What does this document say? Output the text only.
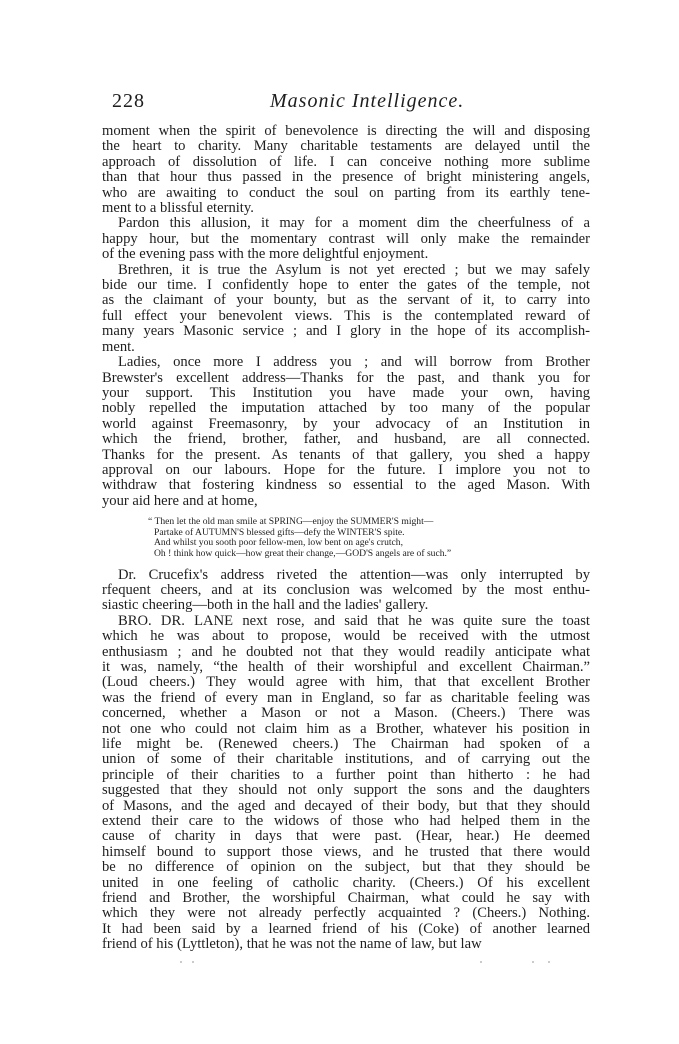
228	Masonic Intelligence.
moment when the spirit of benevolence is directing the will and disposing
the heart to charity. Many charitable testaments are delayed until the
approach of dissolution of life. I can conceive nothing more sublime
than that hour thus passed in the presence of bright ministering angels,
who are awaiting to conduct the soul on parting from its earthly tene-
ment to a blissful eternity.
Pardon this allusion, it may for a moment dim the cheerfulness of a
happy hour, but the momentary contrast will only make the remainder
of the evening pass with the more delightful enjoyment.
Brethren, it is true the Asylum is not yet erected ; but we may safely
bide our time. I confidently hope to enter the gates of the temple, not
as the claimant of your bounty, but as the servant of it, to carry into
full effect your benevolent views. This is the contemplated reward of
many years Masonic service ; and I glory in the hope of its accomplish-
ment.
Ladies, once more I address you ; and will borrow from Brother
Brewster's excellent address—Thanks for the past, and thank you for
your support. This Institution you have made your own, having
nobly repelled the imputation attached by too many of the popular
world against Freemasonry, by your advocacy of an Institution in
which the friend, brother, father, and husband, are all connected.
Thanks for the present. As tenants of that gallery, you shed a happy
approval on our labours. Hope for the future. I implore you not to
withdraw that fostering kindness so essential to the aged Mason. With
your aid here and at home,
“ Then let the old man smile at SPRING—enjoy the SUMMER'S might—
Partake of AUTUMN'S blessed gifts—defy the WINTER'S spite.
And whilst you sooth poor fellow-men, low bent on age's crutch,
Oh ! think how quick—how great their change,—GOD'S angels are of such.”
Dr. Crucefix's address riveted the attention—was only interrupted by
rfequent cheers, and at its conclusion was welcomed by the most enthu-
siastic cheering—both in the hall and the ladies' gallery.
BRO. DR. LANE next rose, and said that he was quite sure the toast
which he was about to propose, would be received with the utmost
enthusiasm ; and he doubted not that they would readily anticipate what
it was, namely, “the health of their worshipful and excellent Chairman.”
(Loud cheers.) They would agree with him, that that excellent Brother
was the friend of every man in England, so far as charitable feeling was
concerned, whether a Mason or not a Mason. (Cheers.) There was
not one who could not claim him as a Brother, whatever his position in
life might be. (Renewed cheers.) The Chairman had spoken of a
union of some of their charitable institutions, and of carrying out the
principle of their charities to a further point than hitherto : he had
suggested that they should not only support the sons and the daughters
of Masons, and the aged and decayed of their body, but that they should
extend their care to the widows of those who had helped them in the
cause of charity in days that were past. (Hear, hear.) He deemed
himself bound to support those views, and he trusted that there would
be no difference of opinion on the subject, but that they should be
united in one feeling of catholic charity. (Cheers.) Of his excellent
friend and Brother, the worshipful Chairman, what could he say with
which they were not already perfectly acquainted ? (Cheers.) Nothing.
It had been said by a learned friend of his (Coke) of another learned
friend of his (Lyttleton), that he was not the name of law, but law
